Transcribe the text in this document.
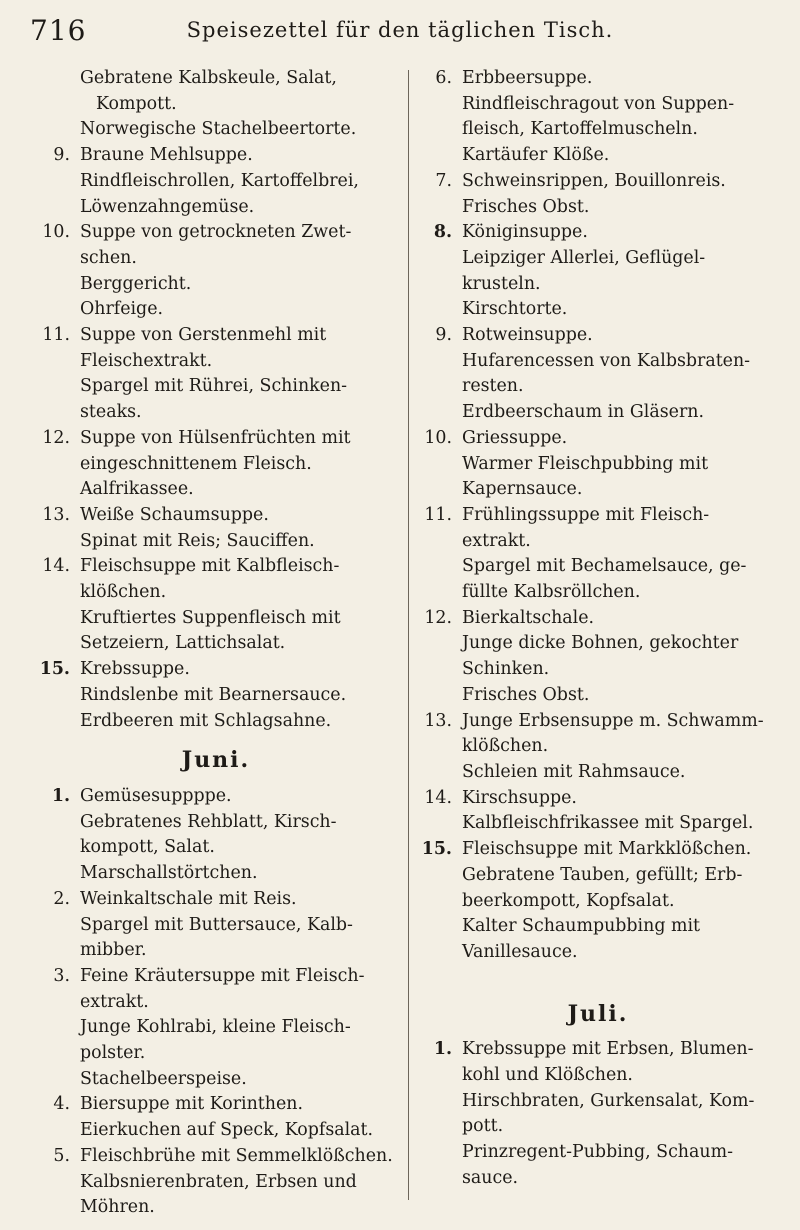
716	Speisezettel für den täglichen Tisch.
Gebratene Kalbskeule, Salat,
Kompott.
Norwegische Stachelbeertorte.
9. Braune Mehlsuppe.
Rindfleischrollen, Kartoffelbrei,
Löwenzahngemüse.
10. Suppe von getrockneten Zwet-
schen.
Berggericht.
Ohrfeige.
11. Suppe von Gerstenmehl mit
Fleischextrakt.
Spargel mit Rührei, Schinken-
steaks.
12. Suppe von Hülsenfrüchten mit
eingeschnittenem Fleisch.
Aalfrikassee.
13. Weiße Schaumsuppe.
Spinat mit Reis; Sauciffen.
14. Fleischsuppe mit Kalbfleisch-
klößchen.
Kruftiertes Suppenfleisch mit
Setzeiern, Lattichsalat.
15. Krebssuppe.
Rindslenbe mit Bearnersauce.
Erdbeeren mit Schlagsahne.
Juni.
1. Gemüsesuppppe.
Gebratenes Rehblatt, Kirsch-
kompott, Salat.
Marschallstörtchen.
2. Weinkaltschale mit Reis.
Spargel mit Buttersauce, Kalb-
mibber.
3. Feine Kräutersuppe mit Fleisch-
extrakt.
Junge Kohlrabi, kleine Fleisch-
polster.
Stachelbeerspeise.
4. Biersuppe mit Korinthen.
Eierkuchen auf Speck, Kopfsalat.
5. Fleischbrühe mit Semmelklößchen.
Kalbsnierenbraten, Erbsen und
Möhren.
6. Erbbeersuppe.
Rindfleischragout von Suppen-
fleisch, Kartoffelmuscheln.
Kartäufer Klöße.
7. Schweinsrippen, Bouillonreis.
Frisches Obst.
8. Königinsuppe.
Leipziger Allerlei, Geflügel-
krusteln.
Kirschtorte.
9. Rotweinsuppe.
Hufarencessen von Kalbsbraten-
resten.
Erdbeerschaum in Gläsern.
10. Griessuppe.
Warmer Fleischpubbing mit
Kapernsauce.
11. Frühlingssuppe mit Fleisch-
extrakt.
Spargel mit Bechamelsauce, ge-
füllte Kalbsröllchen.
12. Bierkaltschale.
Junge dicke Bohnen, gekochter
Schinken.
Frisches Obst.
13. Junge Erbsensuppe m. Schwamm-
klößchen.
Schleien mit Rahmsauce.
14. Kirschsuppe.
Kalbfleischfrikassee mit Spargel.
15. Fleischsuppe mit Markklößchen.
Gebratene Tauben, gefüllt; Erb-
beerkompott, Kopfsalat.
Kalter Schaumpubbing mit
Vanillesauce.
Juli.
1. Krebssuppe mit Erbsen, Blumen-
kohl und Klößchen.
Hirschbraten, Gurkensalat, Kom-
pott.
Prinzregent-Pubbing, Schaum-
sauce.
